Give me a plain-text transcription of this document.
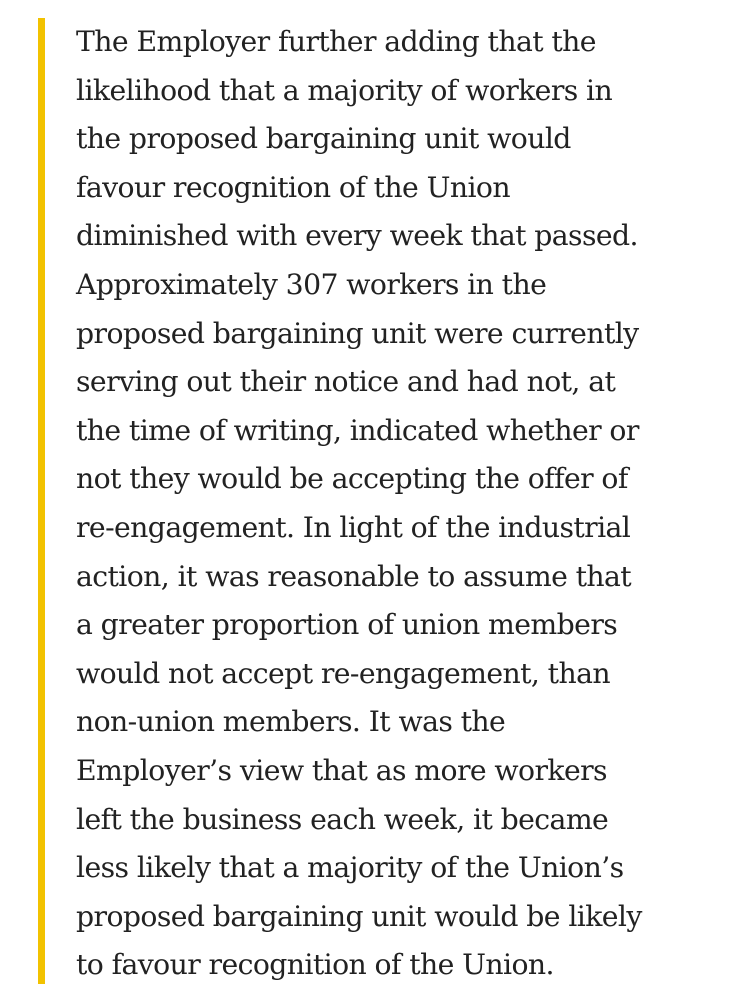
The Employer further adding that the
likelihood that a majority of workers in
the proposed bargaining unit would
favour recognition of the Union
diminished with every week that passed.
Approximately 307 workers in the
proposed bargaining unit were currently
serving out their notice and had not, at
the time of writing, indicated whether or
not they would be accepting the offer of
re-engagement. In light of the industrial
action, it was reasonable to assume that
a greater proportion of union members
would not accept re-engagement, than
non-union members. It was the
Employer’s view that as more workers
left the business each week, it became
less likely that a majority of the Union’s
proposed bargaining unit would be likely
to favour recognition of the Union.
